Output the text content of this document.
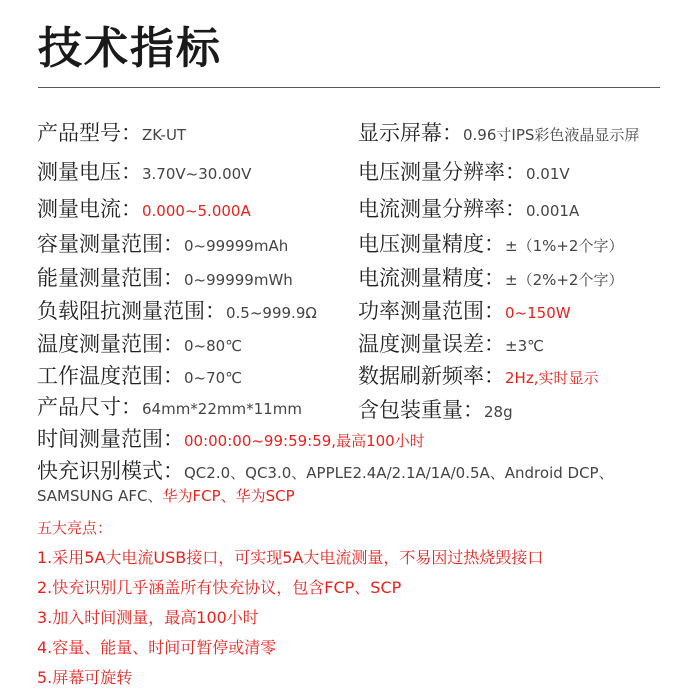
技术指标
产品型号：ZK-UT
测量电压：3.70V~30.00V
测量电流：0.000~5.000A
容量测量范围：0~99999mAh
能量测量范围：0~99999mWh
负载阻抗测量范围：0.5~999.9Ω
温度测量范围：0~80℃
工作温度范围：0~70℃
产品尺寸：64mm*22mm*11mm
显示屏幕：0.96寸IPS彩色液晶显示屏
电压测量分辨率：0.01V
电流测量分辨率：0.001A
电压测量精度：±（1%+2个字）
电流测量精度：±（2%+2个字）
功率测量范围：0~150W
温度测量误差：±3℃
数据刷新频率：2Hz,实时显示
含包装重量：28g
时间测量范围：00:00:00~99:59:59,最高100小时
快充识别模式：QC2.0、QC3.0、APPLE2.4A/2.1A/1A/0.5A、Android DCP、
SAMSUNG AFC、华为FCP、华为SCP
五大亮点：
1.采用5A大电流USB接口，可实现5A大电流测量，不易因过热烧毁接口
2.快充识别几乎涵盖所有快充协议，包含FCP、SCP
3.加入时间测量，最高100小时
4.容量、能量、时间可暂停或清零
5.屏幕可旋转
